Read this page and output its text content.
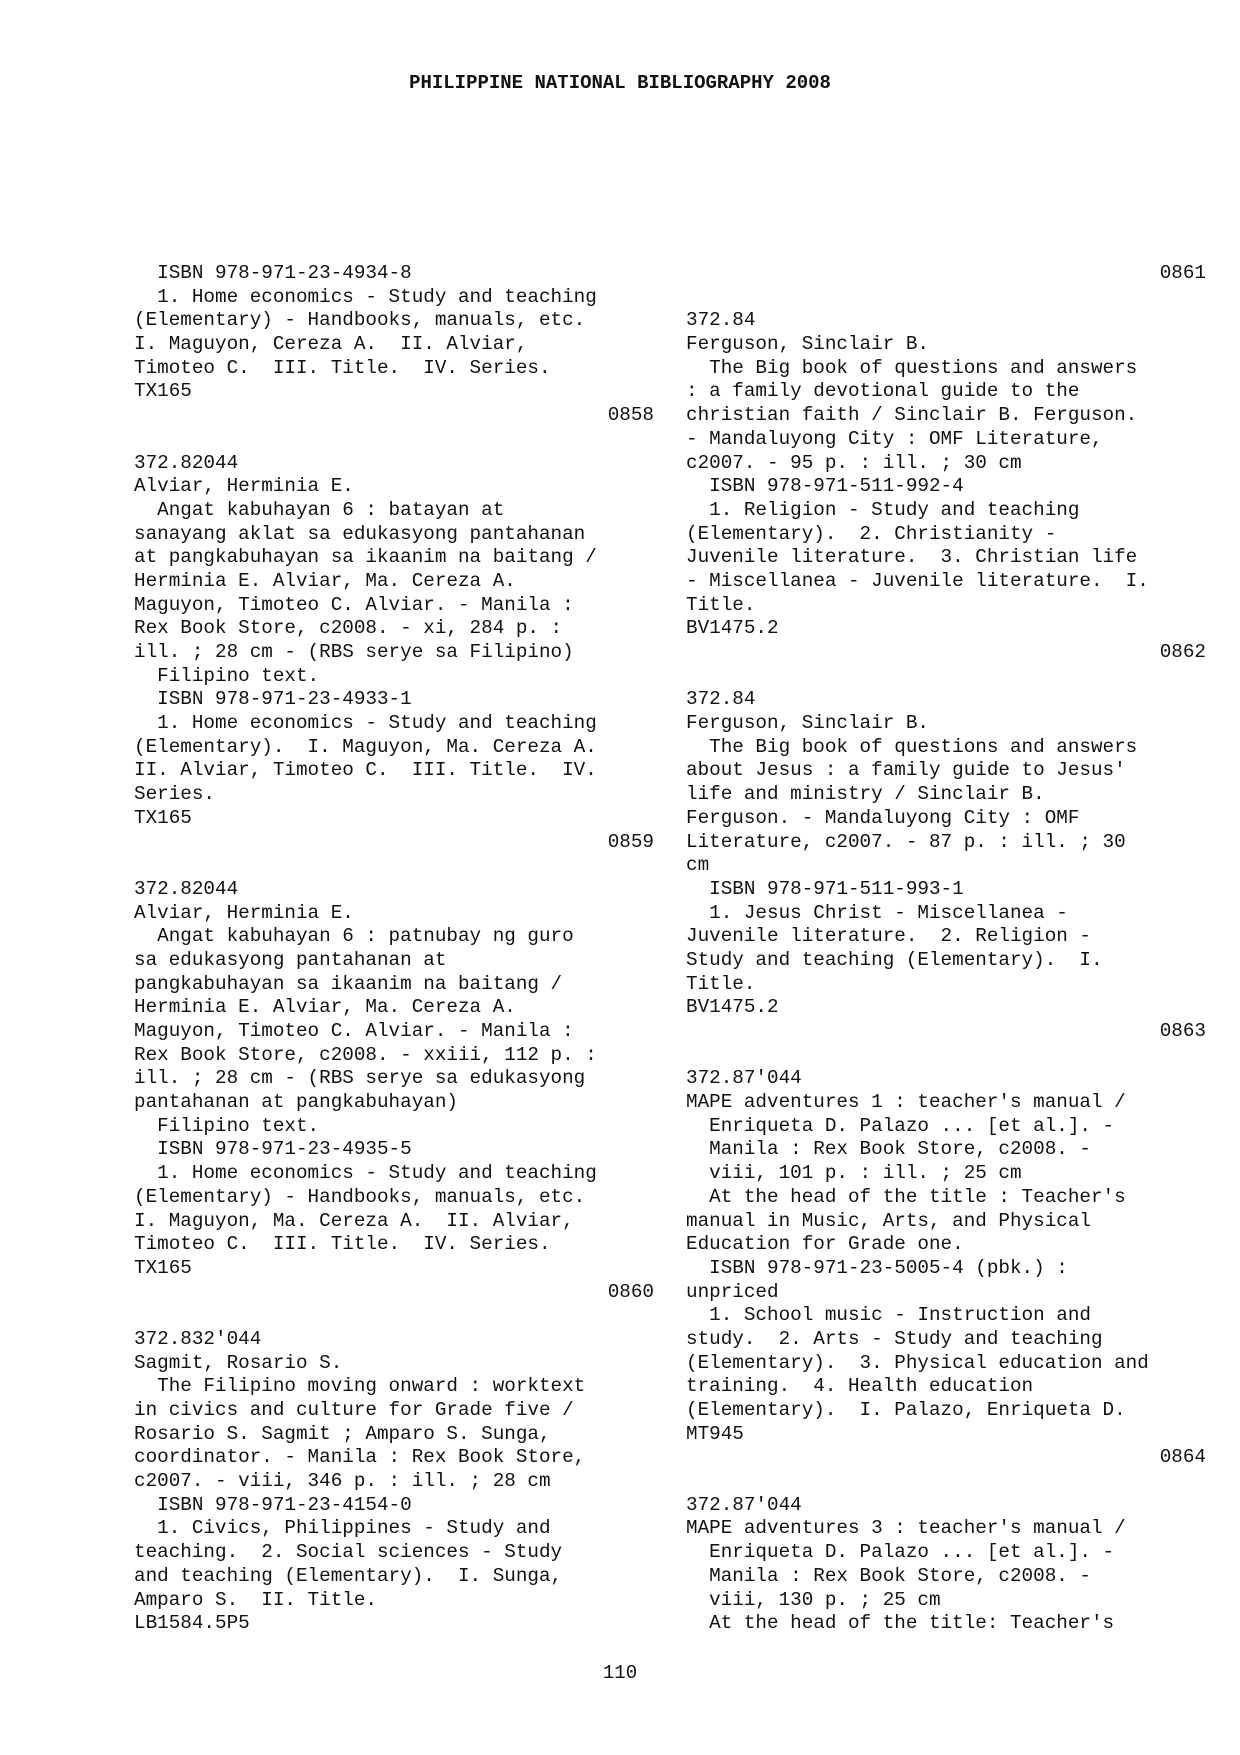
PHILIPPINE NATIONAL BIBLIOGRAPHY 2008
ISBN 978-971-23-4934-8
1. Home economics - Study and teaching
(Elementary) - Handbooks, manuals, etc.
I. Maguyon, Cereza A.  II. Alviar,
Timoteo C.  III. Title.  IV. Series.
TX165
0858
372.82044
Alviar, Herminia E.
Angat kabuhayan 6 : batayan at
sanayang aklat sa edukasyong pantahanan
at pangkabuhayan sa ikaanim na baitang /
Herminia E. Alviar, Ma. Cereza A.
Maguyon, Timoteo C. Alviar. - Manila :
Rex Book Store, c2008. - xi, 284 p. :
ill. ; 28 cm - (RBS serye sa Filipino)
Filipino text.
ISBN 978-971-23-4933-1
1. Home economics - Study and teaching
(Elementary).  I. Maguyon, Ma. Cereza A.
II. Alviar, Timoteo C.  III. Title.  IV.
Series.
TX165
0859
372.82044
Alviar, Herminia E.
Angat kabuhayan 6 : patnubay ng guro
sa edukasyong pantahanan at
pangkabuhayan sa ikaanim na baitang /
Herminia E. Alviar, Ma. Cereza A.
Maguyon, Timoteo C. Alviar. - Manila :
Rex Book Store, c2008. - xxiii, 112 p. :
ill. ; 28 cm - (RBS serye sa edukasyong
pantahanan at pangkabuhayan)
Filipino text.
ISBN 978-971-23-4935-5
1. Home economics - Study and teaching
(Elementary) - Handbooks, manuals, etc.
I. Maguyon, Ma. Cereza A.  II. Alviar,
Timoteo C.  III. Title.  IV. Series.
TX165
0860
372.832'044
Sagmit, Rosario S.
The Filipino moving onward : worktext
in civics and culture for Grade five /
Rosario S. Sagmit ; Amparo S. Sunga,
coordinator. - Manila : Rex Book Store,
c2007. - viii, 346 p. : ill. ; 28 cm
ISBN 978-971-23-4154-0
1. Civics, Philippines - Study and
teaching.  2. Social sciences - Study
and teaching (Elementary).  I. Sunga,
Amparo S.  II. Title.
LB1584.5P5
0861
372.84
Ferguson, Sinclair B.
The Big book of questions and answers
: a family devotional guide to the
christian faith / Sinclair B. Ferguson.
- Mandaluyong City : OMF Literature,
c2007. - 95 p. : ill. ; 30 cm
ISBN 978-971-511-992-4
1. Religion - Study and teaching
(Elementary).  2. Christianity -
Juvenile literature.  3. Christian life
- Miscellanea - Juvenile literature.  I.
Title.
BV1475.2
0862
372.84
Ferguson, Sinclair B.
The Big book of questions and answers
about Jesus : a family guide to Jesus'
life and ministry / Sinclair B.
Ferguson. - Mandaluyong City : OMF
Literature, c2007. - 87 p. : ill. ; 30
cm
ISBN 978-971-511-993-1
1. Jesus Christ - Miscellanea -
Juvenile literature.  2. Religion -
Study and teaching (Elementary).  I.
Title.
BV1475.2
0863
372.87'044
MAPE adventures 1 : teacher's manual /
Enriqueta D. Palazo ... [et al.]. -
Manila : Rex Book Store, c2008. -
viii, 101 p. : ill. ; 25 cm
At the head of the title : Teacher's
manual in Music, Arts, and Physical
Education for Grade one.
ISBN 978-971-23-5005-4 (pbk.) :
unpriced
1. School music - Instruction and
study.  2. Arts - Study and teaching
(Elementary).  3. Physical education and
training.  4. Health education
(Elementary).  I. Palazo, Enriqueta D.
MT945
0864
372.87'044
MAPE adventures 3 : teacher's manual /
Enriqueta D. Palazo ... [et al.]. -
Manila : Rex Book Store, c2008. -
viii, 130 p. ; 25 cm
At the head of the title: Teacher's
110
